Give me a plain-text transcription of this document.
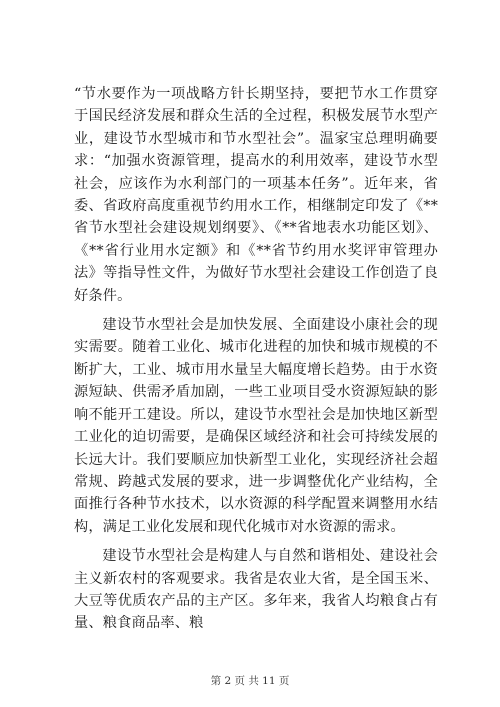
“节水要作为一项战略方针长期坚持，要把节水工作贯穿于国民经济发展和群众生活的全过程，积极发展节水型产业，建设节水型城市和节水型社会”。温家宝总理明确要求：“加强水资源管理，提高水的利用效率，建设节水型社会，应该作为水利部门的一项基本任务”。近年来，省委、省政府高度重视节约用水工作，相继制定印发了《**省节水型社会建设规划纲要》、《**省地表水功能区划》、《**省行业用水定额》和《**省节约用水奖评审管理办法》等指导性文件，为做好节水型社会建设工作创造了良好条件。

建设节水型社会是加快发展、全面建设小康社会的现实需要。随着工业化、城市化进程的加快和城市规模的不断扩大，工业、城市用水量呈大幅度增长趋势。由于水资源短缺、供需矛盾加剧，一些工业项目受水资源短缺的影响不能开工建设。所以，建设节水型社会是加快地区新型工业化的迫切需要，是确保区域经济和社会可持续发展的长远大计。我们要顺应加快新型工业化，实现经济社会超常规、跨越式发展的要求，进一步调整优化产业结构，全面推行各种节水技术，以水资源的科学配置来调整用水结构，满足工业化发展和现代化城市对水资源的需求。

建设节水型社会是构建人与自然和谐相处、建设社会主义新农村的客观要求。我省是农业大省，是全国玉米、大豆等优质农产品的主产区。多年来，我省人均粮食占有量、粮食商品率、粮

第 2 页 共 11 页
